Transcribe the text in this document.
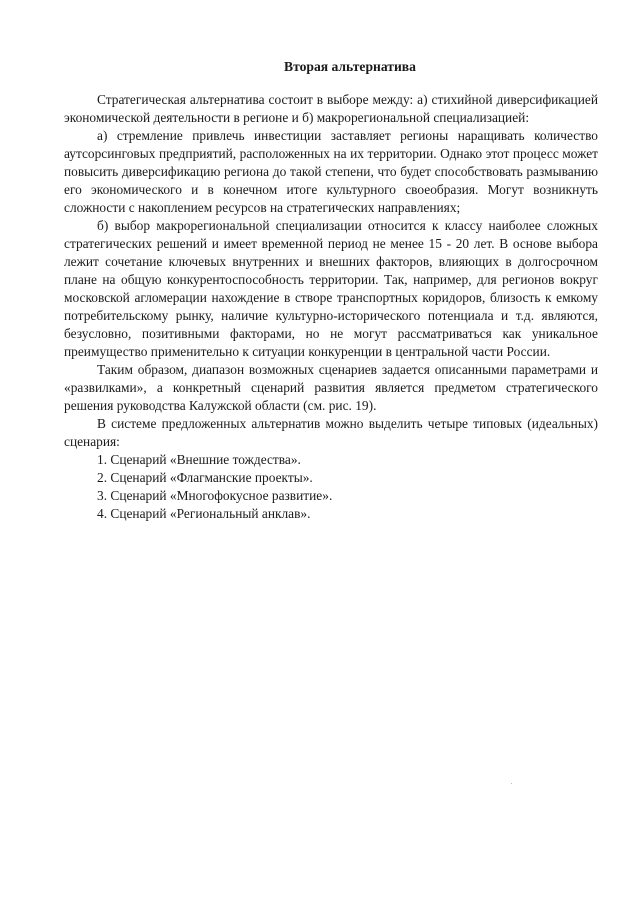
Вторая альтернатива

Стратегическая альтернатива состоит в выборе между: а) стихийной диверсификацией экономической деятельности в регионе и б) макрорегиональной специализацией:

а) стремление привлечь инвестиции заставляет регионы наращивать количество аутсорсинговых предприятий, расположенных на их территории. Однако этот процесс может повысить диверсификацию региона до такой степени, что будет способствовать размыванию его экономического и в конечном итоге культурного своеобразия. Могут возникнуть сложности с накоплением ресурсов на стратегических направлениях;

б) выбор макрорегиональной специализации относится к классу наиболее сложных стратегических решений и имеет временной период не менее 15 - 20 лет. В основе выбора лежит сочетание ключевых внутренних и внешних факторов, влияющих в долгосрочном плане на общую конкурентоспособность территории. Так, например, для регионов вокруг московской агломерации нахождение в створе транспортных коридоров, близость к емкому потребительскому рынку, наличие культурно-исторического потенциала и т.д. являются, безусловно, позитивными факторами, но не могут рассматриваться как уникальное преимущество применительно к ситуации конкуренции в центральной части России.

Таким образом, диапазон возможных сценариев задается описанными параметрами и «развилками», а конкретный сценарий развития является предметом стратегического решения руководства Калужской области (см. рис. 19).

В системе предложенных альтернатив можно выделить четыре типовых (идеальных) сценария:

1. Сценарий «Внешние тождества».
2. Сценарий «Флагманские проекты».
3. Сценарий «Многофокусное развитие».
4. Сценарий «Региональный анклав».
